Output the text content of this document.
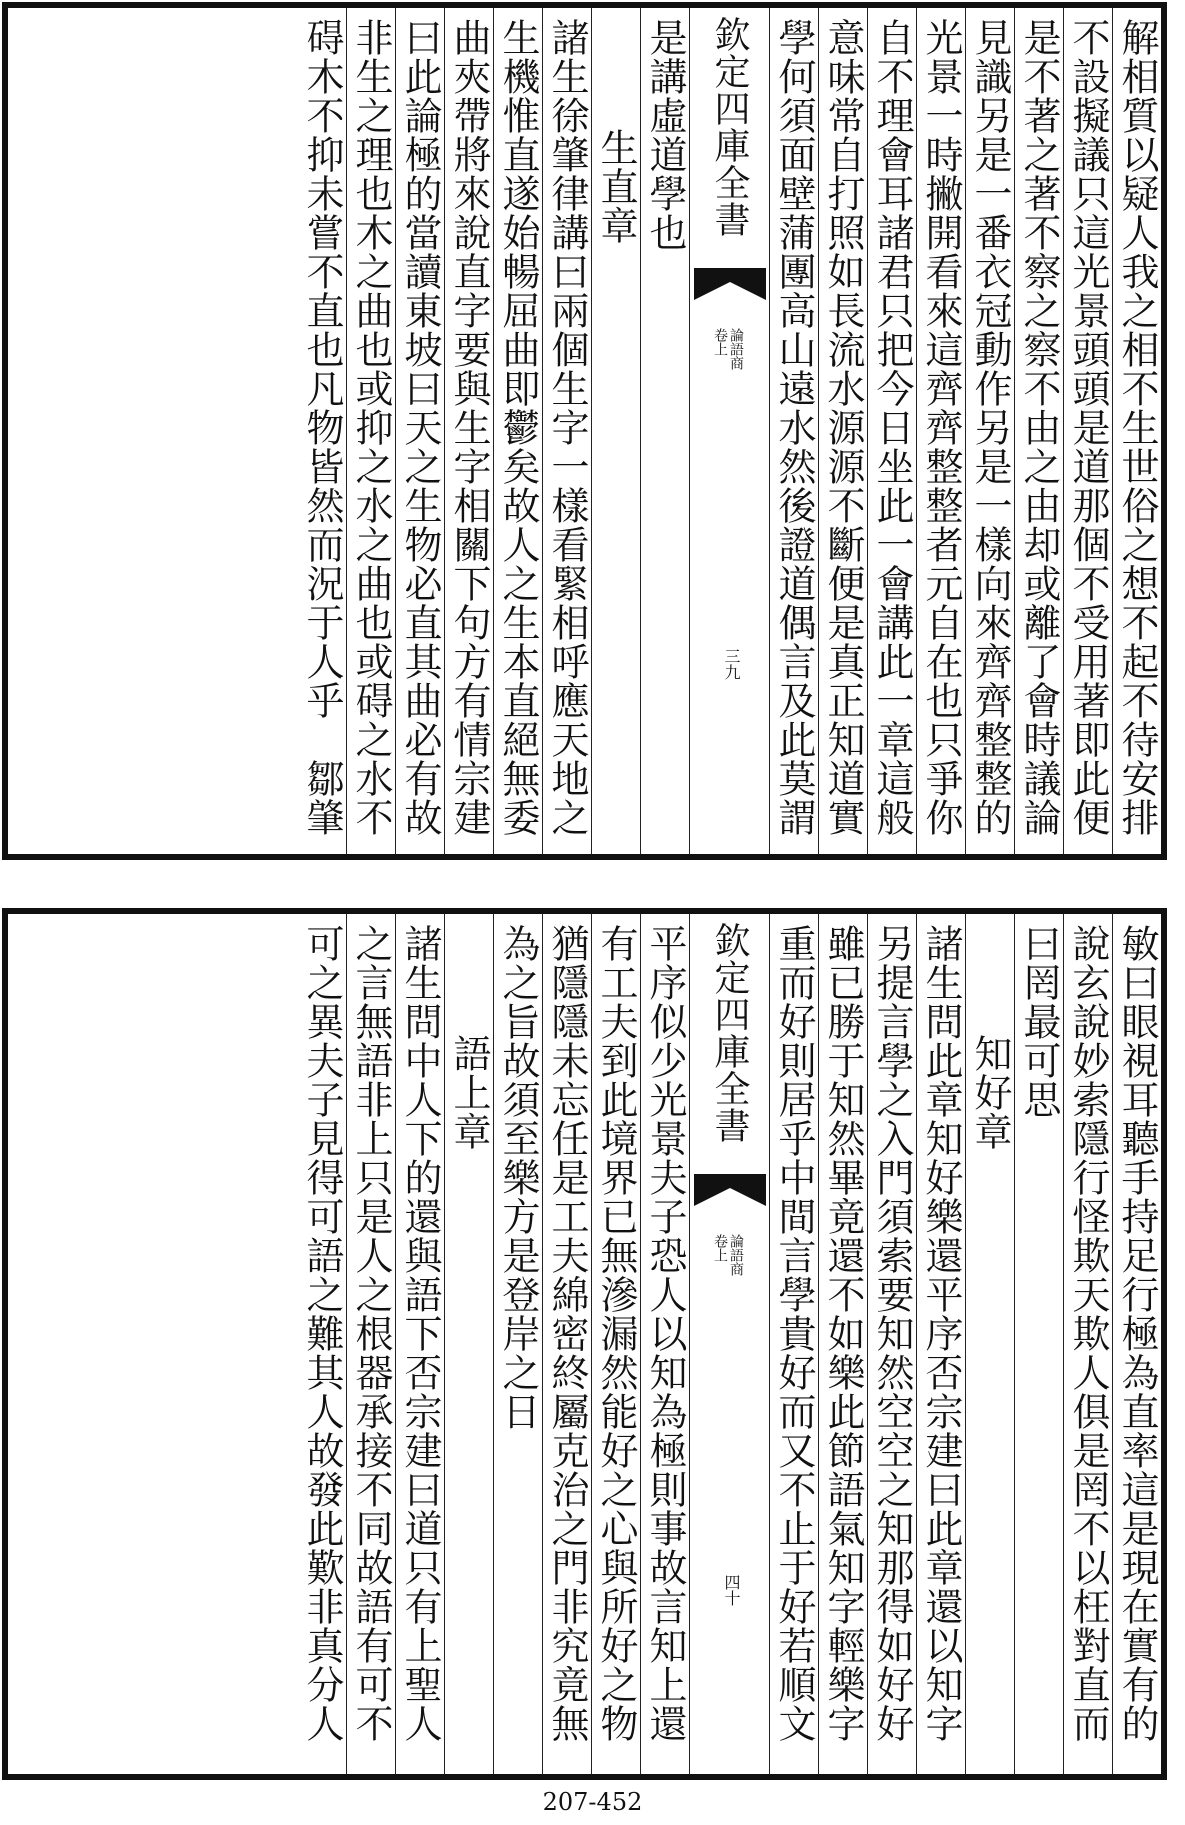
解相質以疑人我之相不生世俗之想不起不待安排
不設擬議只這光景頭頭是道那個不受用著即此便
是不著之著不察之察不由之由却或離了會時議論
見識另是一番衣冠動作另是一樣向來齊齊整整的
光景一時撇開看來這齊齊整整者元自在也只爭你
自不理會耳諸君只把今日坐此一會講此一章這般
意味常自打照如長流水源源不斷便是真正知道實
學何須面壁蒲團高山遠水然後證道偶言及此莫謂
欽定四庫全書
論語商
卷上
三九
是講虛道學也
生直章
諸生徐肇律講曰兩個生字一樣看緊相呼應天地之
生機惟直遂始暢屈曲即鬱矣故人之生本直絕無委
曲夾帶將來說直字要與生字相關下句方有情宗建
曰此論極的當讀東坡曰天之生物必直其曲必有故
非生之理也木之曲也或抑之水之曲也或碍之水不
碍木不抑未嘗不直也凡物皆然而況于人乎　鄒肇
敏曰眼視耳聽手持足行極為直率這是現在實有的
說玄說妙索隱行怪欺天欺人俱是罔不以枉對直而
曰罔最可思
知好章
諸生問此章知好樂還平序否宗建曰此章還以知字
另提言學之入門須索要知然空空之知那得如好好
雖已勝于知然畢竟還不如樂此節語氣知字輕樂字
重而好則居乎中間言學貴好而又不止于好若順文
欽定四庫全書
論語商
卷上
四十
平序似少光景夫子恐人以知為極則事故言知上還
有工夫到此境界已無滲漏然能好之心與所好之物
猶隱隱未忘任是工夫綿密終屬克治之門非究竟無
為之旨故須至樂方是登岸之日
語上章
諸生問中人下的還與語下否宗建曰道只有上聖人
之言無語非上只是人之根器承接不同故語有可不
可之異夫子見得可語之難其人故發此歎非真分人
207-452
